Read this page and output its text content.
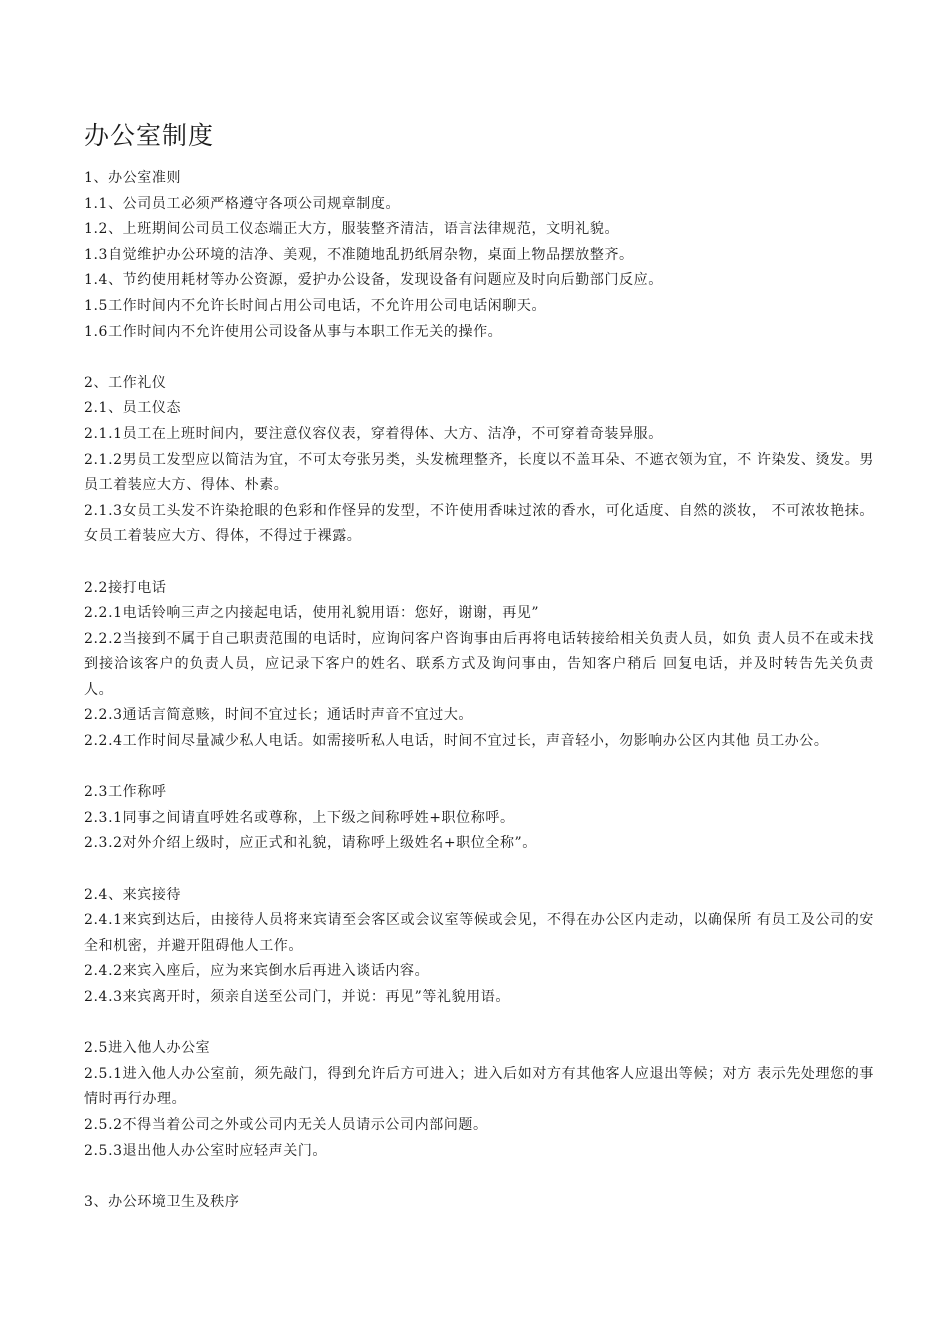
办公室制度

1、办公室准则

1.1、公司员工必须严格遵守各项公司规章制度。

1.2、上班期间公司员工仪态端正大方，服装整齐清洁，语言法律规范，文明礼貌。

1.3自觉维护办公环境的洁净、美观，不准随地乱扔纸屑杂物，桌面上物品摆放整齐。

1.4、节约使用耗材等办公资源，爱护办公设备，发现设备有问题应及时向后勤部门反应。

1.5工作时间内不允许长时间占用公司电话，不允许用公司电话闲聊天。

1.6工作时间内不允许使用公司设备从事与本职工作无关的操作。

2、工作礼仪

2.1、员工仪态

2.1.1员工在上班时间内，要注意仪容仪表，穿着得体、大方、洁净，不可穿着奇装异服。

2.1.2男员工发型应以简洁为宜，不可太夸张另类，头发梳理整齐，长度以不盖耳朵、不遮衣领为宜，不 许染发、烫发。男员工着装应大方、得体、朴素。

2.1.3女员工头发不许染抢眼的色彩和作怪异的发型，不许使用香味过浓的香水，可化适度、自然的淡妆， 不可浓妆艳抹。女员工着装应大方、得体，不得过于裸露。

2.2接打电话

2.2.1电话铃响三声之内接起电话，使用礼貌用语：您好，谢谢，再见”

2.2.2当接到不属于自己职责范围的电话时，应询问客户咨询事由后再将电话转接给相关负责人员，如负 责人员不在或未找到接洽该客户的负责人员，应记录下客户的姓名、联系方式及询问事由，告知客户稍后 回复电话，并及时转告先关负责人。

2.2.3通话言简意赅，时间不宜过长；通话时声音不宜过大。

2.2.4工作时间尽量减少私人电话。如需接听私人电话，时间不宜过长，声音轻小，勿影响办公区内其他 员工办公。

2.3工作称呼

2.3.1同事之间请直呼姓名或尊称，上下级之间称呼姓+职位称呼。

2.3.2对外介绍上级时，应正式和礼貌，请称呼上级姓名+职位全称”。

2.4、来宾接待

2.4.1来宾到达后，由接待人员将来宾请至会客区或会议室等候或会见，不得在办公区内走动，以确保所 有员工及公司的安全和机密，并避开阻碍他人工作。

2.4.2来宾入座后，应为来宾倒水后再进入谈话内容。

2.4.3来宾离开时，须亲自送至公司门，并说：再见”等礼貌用语。

2.5进入他人办公室

2.5.1进入他人办公室前，须先敲门，得到允许后方可进入；进入后如对方有其他客人应退出等候；对方 表示先处理您的事情时再行办理。

2.5.2不得当着公司之外或公司内无关人员请示公司内部问题。

2.5.3退出他人办公室时应轻声关门。

3、办公环境卫生及秩序
